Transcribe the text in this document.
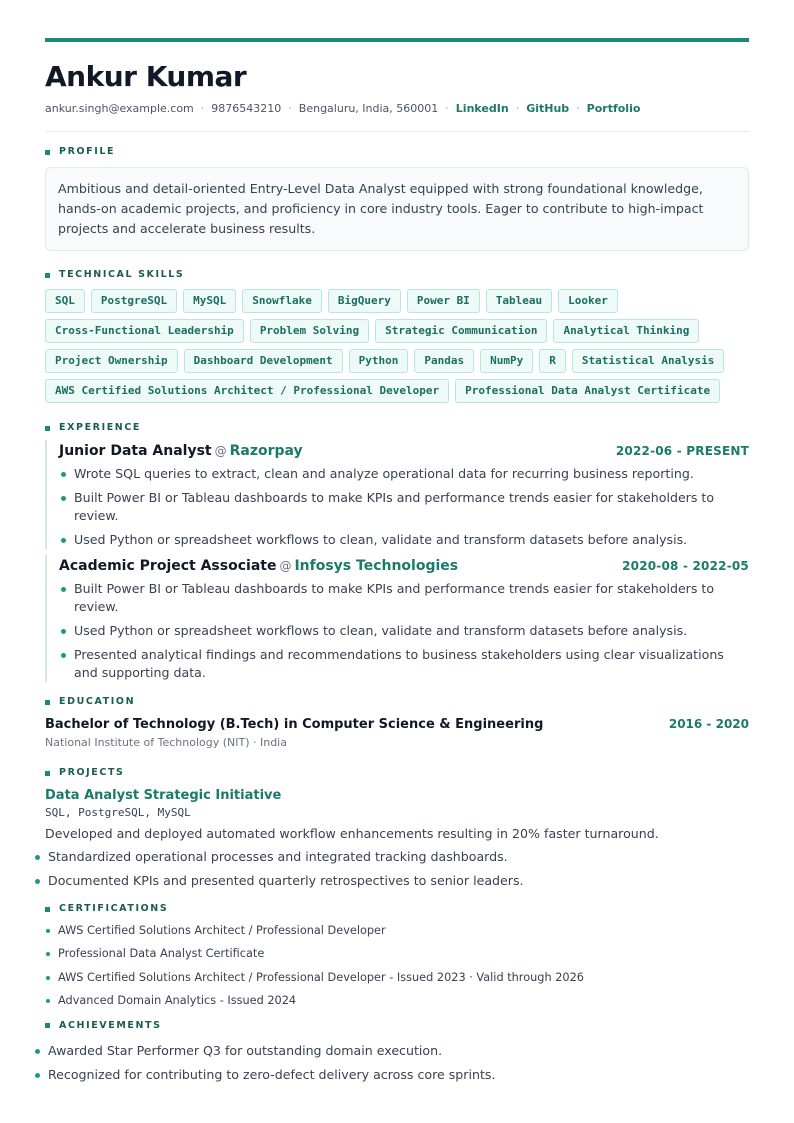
Ankur Kumar
ankur.singh@example.com · 9876543210 · Bengaluru, India, 560001 · LinkedIn · GitHub · Portfolio
PROFILE
Ambitious and detail-oriented Entry-Level Data Analyst equipped with strong foundational knowledge, hands-on academic projects, and proficiency in core industry tools. Eager to contribute to high-impact projects and accelerate business results.
TECHNICAL SKILLS
SQL	PostgreSQL	MySQL	Snowflake	BigQuery	Power BI	Tableau	Looker
Cross-Functional Leadership	Problem Solving	Strategic Communication	Analytical Thinking
Project Ownership	Dashboard Development	Python	Pandas	NumPy	R	Statistical Analysis
AWS Certified Solutions Architect / Professional Developer	Professional Data Analyst Certificate
EXPERIENCE
Junior Data Analyst @ Razorpay	2022-06 - PRESENT
Wrote SQL queries to extract, clean and analyze operational data for recurring business reporting.
Built Power BI or Tableau dashboards to make KPIs and performance trends easier for stakeholders to review.
Used Python or spreadsheet workflows to clean, validate and transform datasets before analysis.
Academic Project Associate @ Infosys Technologies	2020-08 - 2022-05
Built Power BI or Tableau dashboards to make KPIs and performance trends easier for stakeholders to review.
Used Python or spreadsheet workflows to clean, validate and transform datasets before analysis.
Presented analytical findings and recommendations to business stakeholders using clear visualizations and supporting data.
EDUCATION
Bachelor of Technology (B.Tech) in Computer Science & Engineering	2016 - 2020
National Institute of Technology (NIT) · India
PROJECTS
Data Analyst Strategic Initiative
SQL, PostgreSQL, MySQL
Developed and deployed automated workflow enhancements resulting in 20% faster turnaround.
Standardized operational processes and integrated tracking dashboards.
Documented KPIs and presented quarterly retrospectives to senior leaders.
CERTIFICATIONS
AWS Certified Solutions Architect / Professional Developer
Professional Data Analyst Certificate
AWS Certified Solutions Architect / Professional Developer - Issued 2023 · Valid through 2026
Advanced Domain Analytics - Issued 2024
ACHIEVEMENTS
Awarded Star Performer Q3 for outstanding domain execution.
Recognized for contributing to zero-defect delivery across core sprints.
